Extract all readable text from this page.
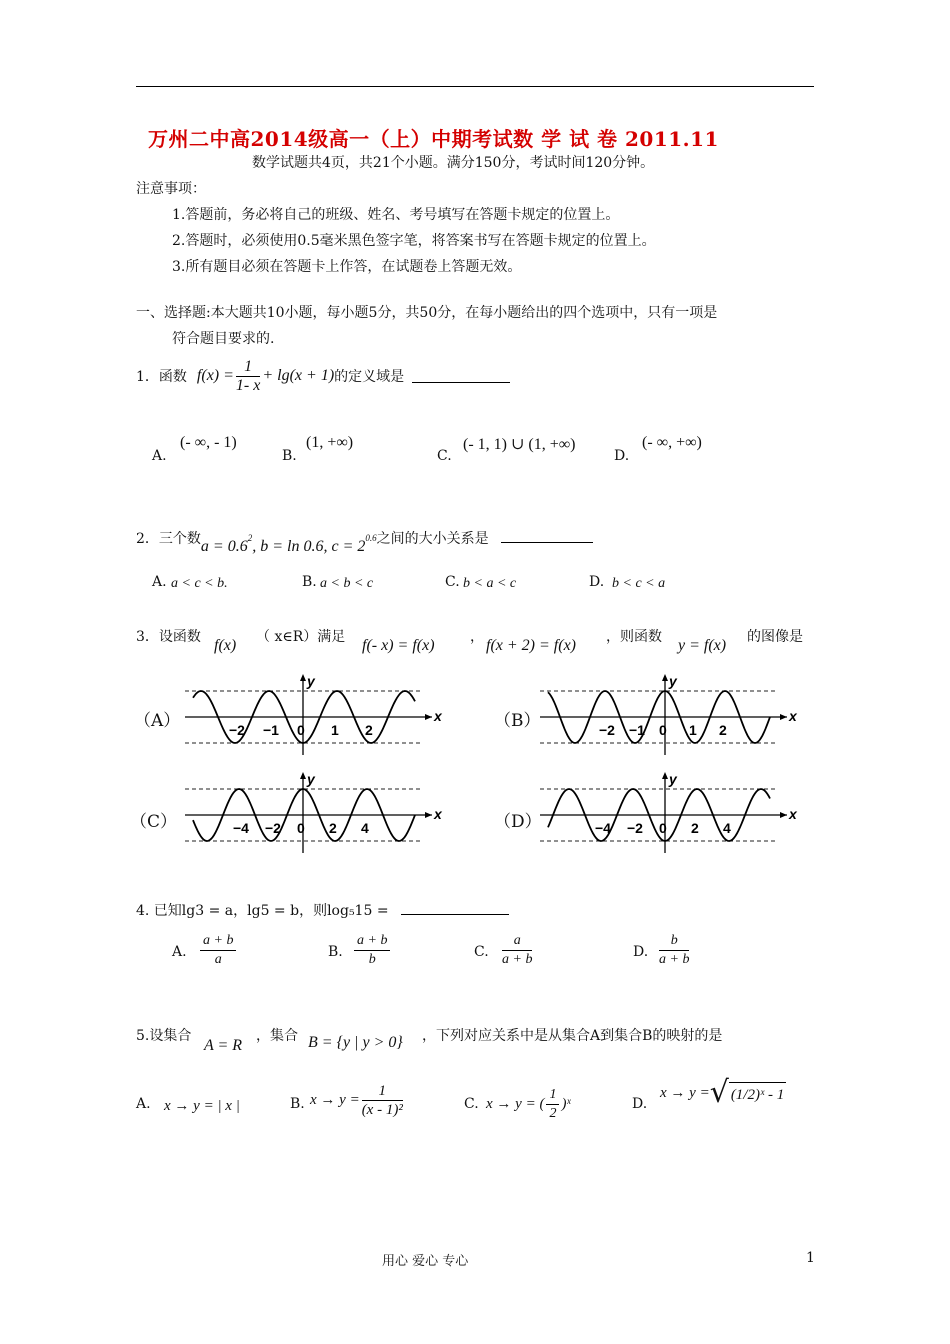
万州二中高2014级高一（上）中期考试数 学 试 卷 2011.11
数学试题共4页，共21个小题。满分150分，考试时间120分钟。
注意事项：
1.答题前，务必将自己的班级、姓名、考号填写在答题卡规定的位置上。
2.答题时，必须使用0.5毫米黑色签字笔，将答案书写在答题卡规定的位置上。
3.所有题目必须在答题卡上作答，在试题卷上答题无效。
一、选择题:本大题共10小题，每小题5分，共50分，在每小题给出的四个选项中，只有一项是
符合题目要求的.
1．函数 $f(x) = \frac{1}{1- x} + \lg(x + 1)$ 的定义域是
A.
(- ∞, - 1)
B.
(1, +∞)
C.
(- 1, 1) ∪ (1, +∞)
D.
(- ∞, +∞)
2．三个数$a = 0.6^2$, b = ln 0.6, $c = 2^{0.6}$之间的大小关系是
A. a < c < b.	B. a < b < c	C. b < a < c	D. b < c < a
3．设函数 f(x) （ x∈R）满足 f(- x) = f(x)	， f(x + 2) = f(x) ，则函数 y = f(x) 的图像是
（A）	（B）
（C）	（D）
x
y
−2 −1 0 1 2
x
y
−2 −1 0 1 2
x
y
−4 −2 0 2 4
x
y
−4 −2 0 2 4
4. 已知lg3 = a，lg5 = b，则log₅15 =
A. $\frac{a + b}{a}$	B. $\frac{a + b}{b}$	C. $\frac{a}{a + b}$	D. $\frac{b}{a + b}$
5.设集合
A = R
，集合 B = {y | y > 0} ，下列对应关系中是从集合A到集合B的映射的是
A. x → y = | x |	B. $x \to y = \frac{1}{\text{(x - 1)²}}$	C. x → y = ( $\frac{1}{2}$ )ˣ	D.
x → y = √ (1/2)ˣ - 1
用心 爱心 专心	1
